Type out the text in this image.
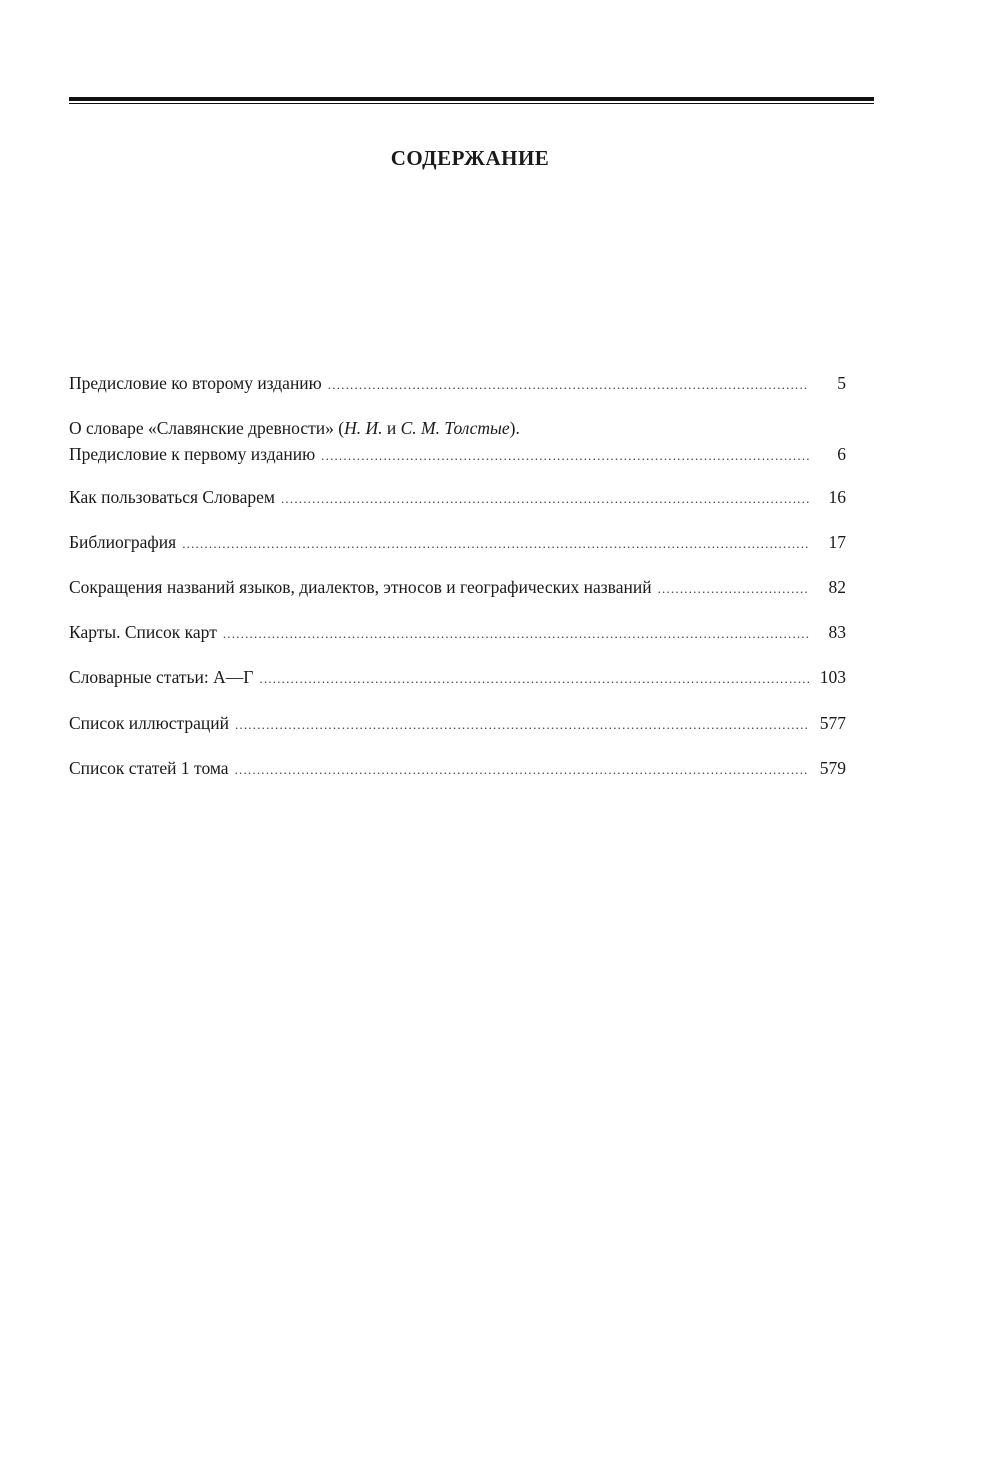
СОДЕРЖАНИЕ
Предисловие ко второму изданию .....	5
О словаре «Славянские древности» (Н. И. и С. М. Толстые).
Предисловие к первому изданию .....	6
Как пользоваться Словарем .....	16
Библиография .....	17
Сокращения названий языков, диалектов, этносов и географических названий .....	82
Карты. Список карт .....	83
Словарные статьи: А—Г .....	103
Список иллюстраций .....	577
Список статей 1 тома .....	579
